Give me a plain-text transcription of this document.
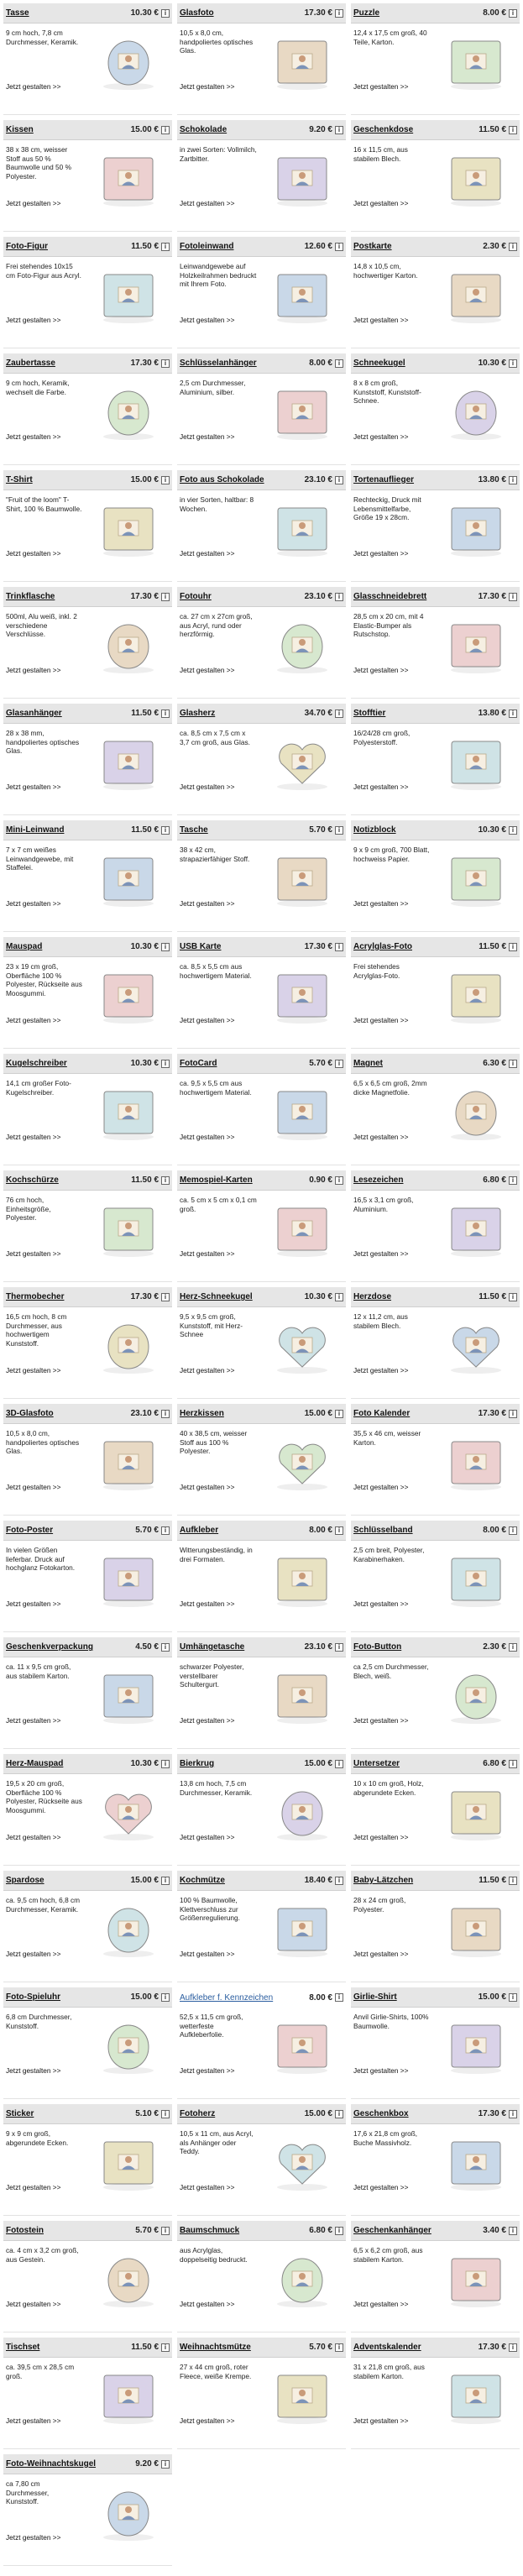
Tasse	10.30 € i
9 cm hoch, 7,8 cm Durchmesser, Keramik.
Jetzt gestalten >>
Glasfoto	17.30 € i
10,5 x 8,0 cm, handpoliertes optisches Glas.
Jetzt gestalten >>
Puzzle	8.00 € i
12,4 x 17,5 cm groß, 40 Teile, Karton.
Jetzt gestalten >>
Kissen	15.00 € i
38 x 38 cm, weisser Stoff aus 50 % Baumwolle und 50 % Polyester.
Jetzt gestalten >>
Schokolade	9.20 € i
in zwei Sorten: Vollmilch, Zartbitter.
Jetzt gestalten >>
Geschenkdose	11.50 € i
16 x 11,5 cm, aus stabilem Blech.
Jetzt gestalten >>
Foto-Figur	11.50 € i
Frei stehendes 10x15 cm Foto-Figur aus Acryl.
Jetzt gestalten >>
Fotoleinwand	12.60 € i
Leinwandgewebe auf Holzkeilrahmen bedruckt mit Ihrem Foto.
Jetzt gestalten >>
Postkarte	2.30 € i
14,8 x 10,5 cm, hochwertiger Karton.
Jetzt gestalten >>
Zaubertasse	17.30 € i
9 cm hoch, Keramik, wechselt die Farbe.
Jetzt gestalten >>
Schlüsselanhänger	8.00 € i
2,5 cm Durchmesser, Aluminium, silber.
Jetzt gestalten >>
Schneekugel	10.30 € i
8 x 8 cm groß, Kunststoff, Kunststoff-Schnee.
Jetzt gestalten >>
T-Shirt	15.00 € i
"Fruit of the loom" T-Shirt, 100 % Baumwolle.
Jetzt gestalten >>
Foto aus Schokolade	23.10 € i
in vier Sorten, haltbar: 8 Wochen.
Jetzt gestalten >>
Tortenauflieger	13.80 € i
Rechteckig, Druck mit Lebensmittelfarbe, Größe 19 x 28cm.
Jetzt gestalten >>
Trinkflasche	17.30 € i
500ml, Alu weiß, inkl. 2 verschiedene Verschlüsse.
Jetzt gestalten >>
Fotouhr	23.10 € i
ca. 27 cm x 27cm groß, aus Acryl, rund oder herzförmig.
Jetzt gestalten >>
Glasschneidebrett	17.30 € i
28,5 cm x 20 cm, mit 4 Elastic-Bumper als Rutschstop.
Jetzt gestalten >>
Glasanhänger	11.50 € i
28 x 38 mm, handpoliertes optisches Glas.
Jetzt gestalten >>
Glasherz	34.70 € i
ca. 8,5 cm x 7,5 cm x 3,7 cm groß, aus Glas.
Jetzt gestalten >>
Stofftier	13.80 € i
16/24/28 cm groß, Polyesterstoff.
Jetzt gestalten >>
Mini-Leinwand	11.50 € i
7 x 7 cm weißes Leinwandgewebe, mit Staffelei.
Jetzt gestalten >>
Tasche	5.70 € i
38 x 42 cm, strapazierfähiger Stoff.
Jetzt gestalten >>
Notizblock	10.30 € i
9 x 9 cm groß, 700 Blatt, hochweiss Papier.
Jetzt gestalten >>
Mauspad	10.30 € i
23 x 19 cm groß, Oberfläche 100 % Polyester, Rückseite aus Moosgummi.
Jetzt gestalten >>
USB Karte	17.30 € i
ca. 8,5 x 5,5 cm aus hochwertigem Material.
Jetzt gestalten >>
Acrylglas-Foto	11.50 € i
Frei stehendes Acrylglas-Foto.
Jetzt gestalten >>
Kugelschreiber	10.30 € i
14,1 cm großer Foto-Kugelschreiber.
Jetzt gestalten >>
FotoCard	5.70 € i
ca. 9,5 x 5,5 cm aus hochwertigem Material.
Jetzt gestalten >>
Magnet	6.30 € i
6,5 x 6,5 cm groß, 2mm dicke Magnetfolie.
Jetzt gestalten >>
Kochschürze	11.50 € i
76 cm hoch, Einheitsgröße, Polyester.
Jetzt gestalten >>
Memospiel-Karten	0.90 € i
ca. 5 cm x 5 cm x 0,1 cm groß.
Jetzt gestalten >>
Lesezeichen	6.80 € i
16,5 x 3,1 cm groß, Aluminium.
Jetzt gestalten >>
Thermobecher	17.30 € i
16,5 cm hoch, 8 cm Durchmesser, aus hochwertigem Kunststoff.
Jetzt gestalten >>
Herz-Schneekugel	10.30 € i
9,5 x 9,5 cm groß, Kunststoff, mit Herz-Schnee
Jetzt gestalten >>
Herzdose	11.50 € i
12 x 11,2 cm, aus stabilem Blech.
Jetzt gestalten >>
3D-Glasfoto	23.10 € i
10,5 x 8,0 cm, handpoliertes optisches Glas.
Jetzt gestalten >>
Herzkissen	15.00 € i
40 x 38,5 cm, weisser Stoff aus 100 % Polyester.
Jetzt gestalten >>
Foto Kalender	17.30 € i
35,5 x 46 cm, weisser Karton.
Jetzt gestalten >>
Foto-Poster	5.70 € i
In vielen Größen lieferbar. Druck auf hochglanz Fotokarton.
Jetzt gestalten >>
Aufkleber	8.00 € i
Witterungsbeständig, in drei Formaten.
Jetzt gestalten >>
Schlüsselband	8.00 € i
2,5 cm breit, Polyester, Karabinerhaken.
Jetzt gestalten >>
Geschenkverpackung	4.50 € i
ca. 11 x 9,5 cm groß, aus stabilem Karton.
Jetzt gestalten >>
Umhängetasche	23.10 € i
schwarzer Polyester, verstellbarer Schultergurt.
Jetzt gestalten >>
Foto-Button	2.30 € i
ca 2,5 cm Durchmesser, Blech, weiß.
Jetzt gestalten >>
Herz-Mauspad	10.30 € i
19,5 x 20 cm groß, Oberfläche 100 % Polyester, Rückseite aus Moosgummi.
Jetzt gestalten >>
Bierkrug	15.00 € i
13,8 cm hoch, 7,5 cm Durchmesser, Keramik.
Jetzt gestalten >>
Untersetzer	6.80 € i
10 x 10 cm groß, Holz, abgerundete Ecken.
Jetzt gestalten >>
Spardose	15.00 € i
ca. 9,5 cm hoch, 6,8 cm Durchmesser, Keramik.
Jetzt gestalten >>
Kochmütze	18.40 € i
100 % Baumwolle, Klettverschluss zur Größenregulierung.
Jetzt gestalten >>
Baby-Lätzchen	11.50 € i
28 x 24 cm groß, Polyester.
Jetzt gestalten >>
Foto-Spieluhr	15.00 € i
6,8 cm Durchmesser, Kunststoff.
Jetzt gestalten >>
Aufkleber f. Kennzeichen	8.00 € i
52,5 x 11,5 cm groß, wetterfeste Aufkleberfolie.
Jetzt gestalten >>
Girlie-Shirt	15.00 € i
Anvil Girlie-Shirts, 100% Baumwolle.
Jetzt gestalten >>
Sticker	5.10 € i
9 x 9 cm groß, abgerundete Ecken.
Jetzt gestalten >>
Fotoherz	15.00 € i
10,5 x 11 cm, aus Acryl, als Anhänger oder Teddy.
Jetzt gestalten >>
Geschenkbox	17.30 € i
17,6 x 21,8 cm groß, Buche Massivholz.
Jetzt gestalten >>
Fotostein	5.70 € i
ca. 4 cm x 3,2 cm groß, aus Gestein.
Jetzt gestalten >>
Baumschmuck	6.80 € i
aus Acrylglas, doppelseitig bedruckt.
Jetzt gestalten >>
Geschenkanhänger	3.40 € i
6,5 x 6,2 cm groß, aus stabilem Karton.
Jetzt gestalten >>
Tischset	11.50 € i
ca. 39,5 cm x 28,5 cm groß.
Jetzt gestalten >>
Weihnachtsmütze	5.70 € i
27 x 44 cm groß, roter Fleece, weiße Krempe.
Jetzt gestalten >>
Adventskalender	17.30 € i
31 x 21,8 cm groß, aus stabilem Karton.
Jetzt gestalten >>
Foto-Weihnachtskugel	9.20 € i
ca 7,80 cm Durchmesser, Kunststoff.
Jetzt gestalten >>
